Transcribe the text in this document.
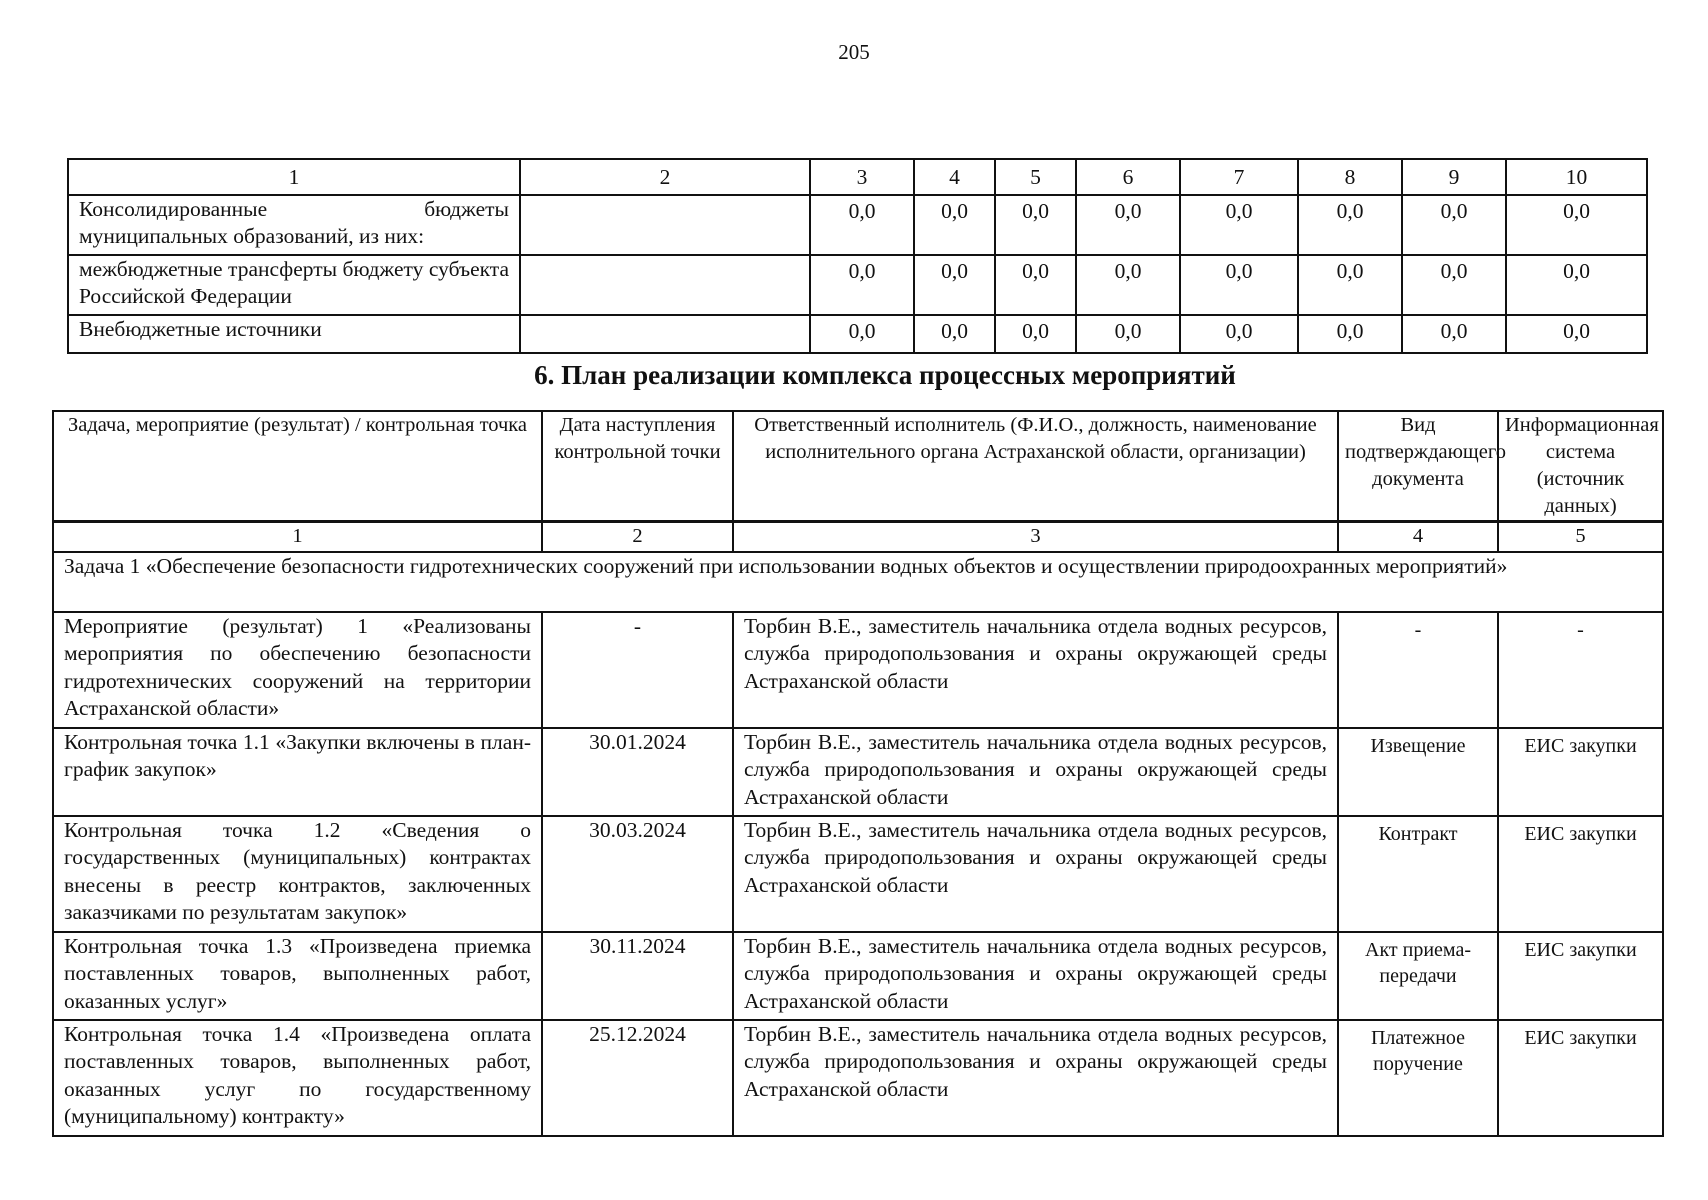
205
1	2	3	4	5	6	7	8	9	10
Консолидированные бюджеты муниципальных образований, из них:		0,0	0,0	0,0	0,0	0,0	0,0	0,0	0,0
межбюджетные трансферты бюджету субъекта Российской Федерации		0,0	0,0	0,0	0,0	0,0	0,0	0,0	0,0
Внебюджетные источники		0,0	0,0	0,0	0,0	0,0	0,0	0,0	0,0
6. План реализации комплекса процессных мероприятий
Задача, мероприятие (результат) / контрольная точка	Дата наступления контрольной точки	Ответственный исполнитель (Ф.И.О., должность, наименование исполнительного органа Астраханской области, организации)	Вид подтверждающего документа	Информационная система (источник данных)
1	2	3	4	5
Задача 1 «Обеспечение безопасности гидротехнических сооружений при использовании водных объектов и осуществлении природоохранных мероприятий»				
Мероприятие (результат) 1 «Реализованы мероприятия по обеспечению безопасности гидротехнических сооружений на территории Астраханской области»	-	Торбин В.Е., заместитель начальника отдела водных ресурсов, служба природопользования и охраны окружающей среды Астраханской области	-	-
Контрольная точка 1.1 «Закупки включены в план-график закупок»	30.01.2024	Торбин В.Е., заместитель начальника отдела водных ресурсов, служба природопользования и охраны окружающей среды Астраханской области	Извещение	ЕИС закупки
Контрольная точка 1.2 «Сведения о государственных (муниципальных) контрактах внесены в реестр контрактов, заключенных заказчиками по результатам закупок»	30.03.2024	Торбин В.Е., заместитель начальника отдела водных ресурсов, служба природопользования и охраны окружающей среды Астраханской области	Контракт	ЕИС закупки
Контрольная точка 1.3 «Произведена приемка поставленных товаров, выполненных работ, оказанных услуг»	30.11.2024	Торбин В.Е., заместитель начальника отдела водных ресурсов, служба природопользования и охраны окружающей среды Астраханской области	Акт приема-передачи	ЕИС закупки
Контрольная точка 1.4 «Произведена оплата поставленных товаров, выполненных работ, оказанных услуг по государственному (муниципальному) контракту»	25.12.2024	Торбин В.Е., заместитель начальника отдела водных ресурсов, служба природопользования и охраны окружающей среды Астраханской области	Платежное поручение	ЕИС закупки
